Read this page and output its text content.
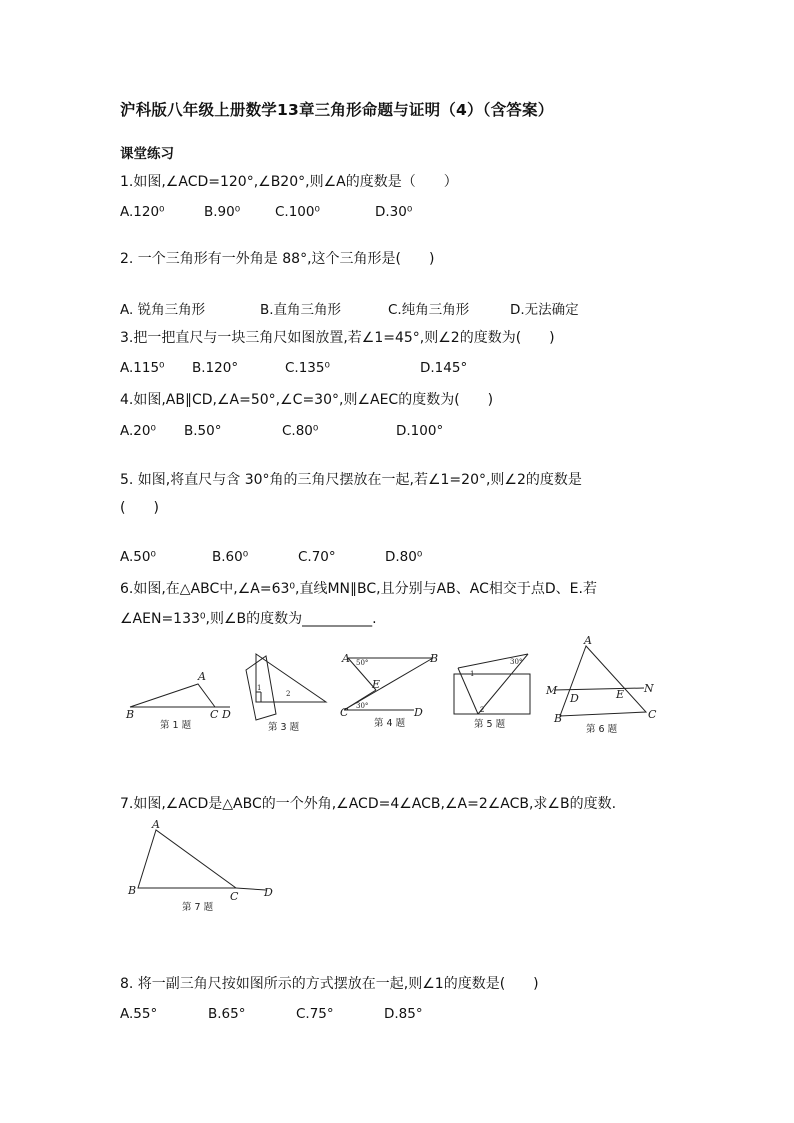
沪科版八年级上册数学13章三角形命题与证明（4）（含答案）
课堂练习
1.如图,∠ACD=120°,∠B20°,则∠A的度数是（　　）
A.120⁰	B.90⁰	C.100⁰	D.30⁰
2. 一个三角形有一外角是 88°,这个三角形是(　　)
A. 锐角三角形	B.直角三角形	C.纯角三角形	D.无法确定
3.把一把直尺与一块三角尺如图放置,若∠1=45°,则∠2的度数为(　　)
A.115⁰ B.120°	C.135⁰	D.145°
4.如图,AB∥CD,∠A=50°,∠C=30°,则∠AEC的度数为(　　)
A.20⁰ B.50°	C.80⁰	D.100°
5. 如图,将直尺与含 30°角的三角尺摆放在一起,若∠1=20°,则∠2的度数是
(　　)
A.50⁰	B.60⁰	C.70°	D.80⁰
6.如图,在△ABC中,∠A=63⁰,直线MN∥BC,且分别与AB、AC相交于点D、E.若
∠AEN=133⁰,则∠B的度数为__________.
A
B	C D
第 1 题
1
2
第 3 题
A	B
C	D
E
50°
30°
第 4 题
1
2
30°
第 5 题
A
B	C
D	E
M	N
第 6 题
7.如图,∠ACD是△ABC的一个外角,∠ACD=4∠ACB,∠A=2∠ACB,求∠B的度数.
A
B	C D
第 7 题
8. 将一副三角尺按如图所示的方式摆放在一起,则∠1的度数是(　　)
A.55°	B.65°	C.75°	D.85°
